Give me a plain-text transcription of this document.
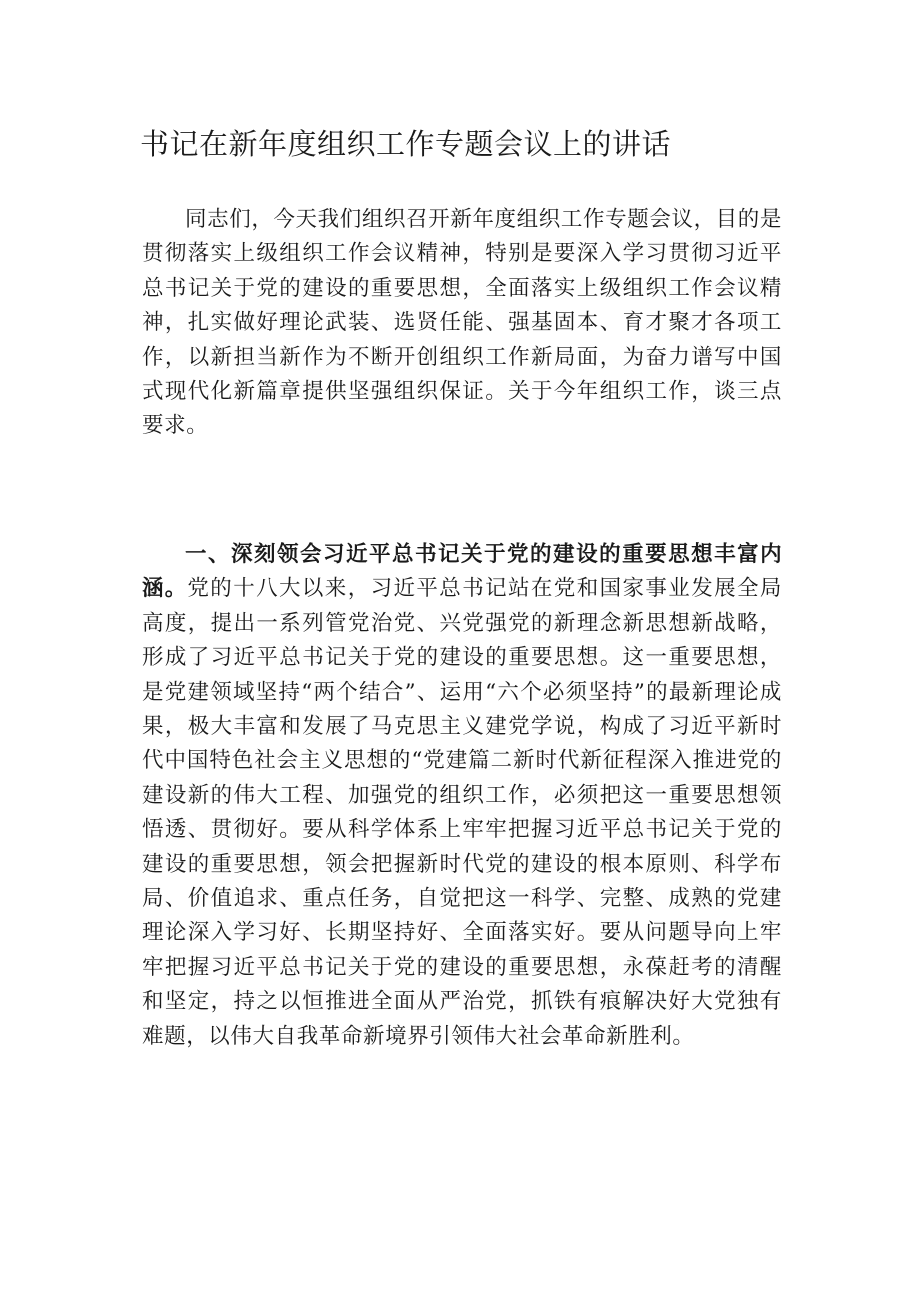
书记在新年度组织工作专题会议上的讲话

同志们，今天我们组织召开新年度组织工作专题会议，目的是贯彻落实上级组织工作会议精神，特别是要深入学习贯彻习近平总书记关于党的建设的重要思想，全面落实上级组织工作会议精神，扎实做好理论武装、选贤任能、强基固本、育才聚才各项工作，以新担当新作为不断开创组织工作新局面，为奋力谱写中国式现代化新篇章提供坚强组织保证。关于今年组织工作，谈三点要求。

一、深刻领会习近平总书记关于党的建设的重要思想丰富内涵。党的十八大以来，习近平总书记站在党和国家事业发展全局高度，提出一系列管党治党、兴党强党的新理念新思想新战略，形成了习近平总书记关于党的建设的重要思想。这一重要思想，是党建领域坚持“两个结合”、运用“六个必须坚持”的最新理论成果，极大丰富和发展了马克思主义建党学说，构成了习近平新时代中国特色社会主义思想的“党建篇二新时代新征程深入推进党的建设新的伟大工程、加强党的组织工作，必须把这一重要思想领悟透、贯彻好。要从科学体系上牢牢把握习近平总书记关于党的建设的重要思想，领会把握新时代党的建设的根本原则、科学布局、价值追求、重点任务，自觉把这一科学、完整、成熟的党建理论深入学习好、长期坚持好、全面落实好。要从问题导向上牢牢把握习近平总书记关于党的建设的重要思想，永葆赶考的清醒和坚定，持之以恒推进全面从严治党，抓铁有痕解决好大党独有难题，以伟大自我革命新境界引领伟大社会革命新胜利。
